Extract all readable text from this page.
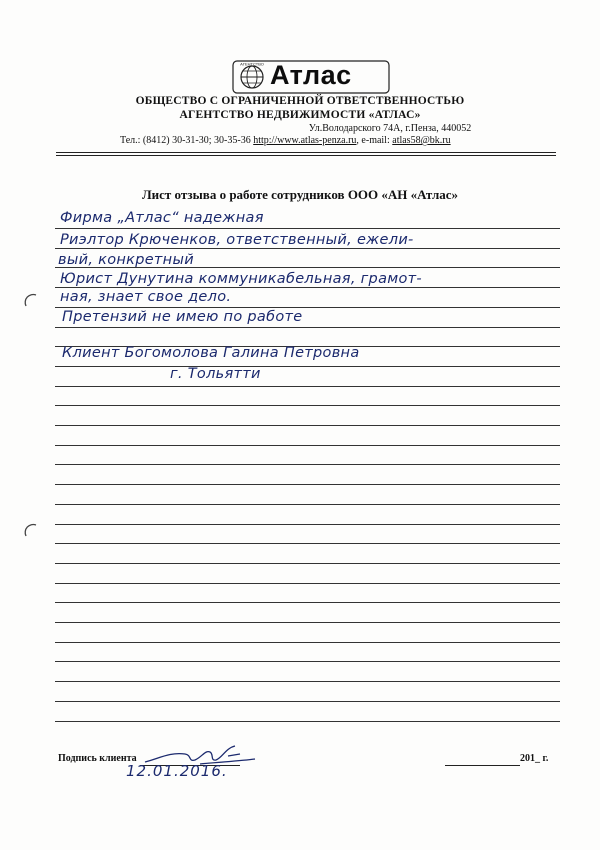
АГЕНТСТВО Атлас
ОБЩЕСТВО С ОГРАНИЧЕННОЙ ОТВЕТСТВЕННОСТЬЮ
АГЕНТСТВО НЕДВИЖИМОСТИ «АТЛАС»
Ул.Володарского 74А, г.Пенза, 440052
Тел.: (8412) 30-31-30; 30-35-36 http://www.atlas-penza.ru, e-mail: atlas58@bk.ru
Лист отзыва о работе сотрудников ООО «АН «Атлас»
Фирма „Атлас“ надежная
Риэлтор Крюченков, ответственный, ежели-
вый, конкретный
Юрист Дунутина коммуникабельная, грамот-
ная, знает свое дело.
Претензий не имею по работе
Клиент Богомолова Галина Петровна
г. Тольятти
Подпись клиента
12.01.2016.
201_ г.
